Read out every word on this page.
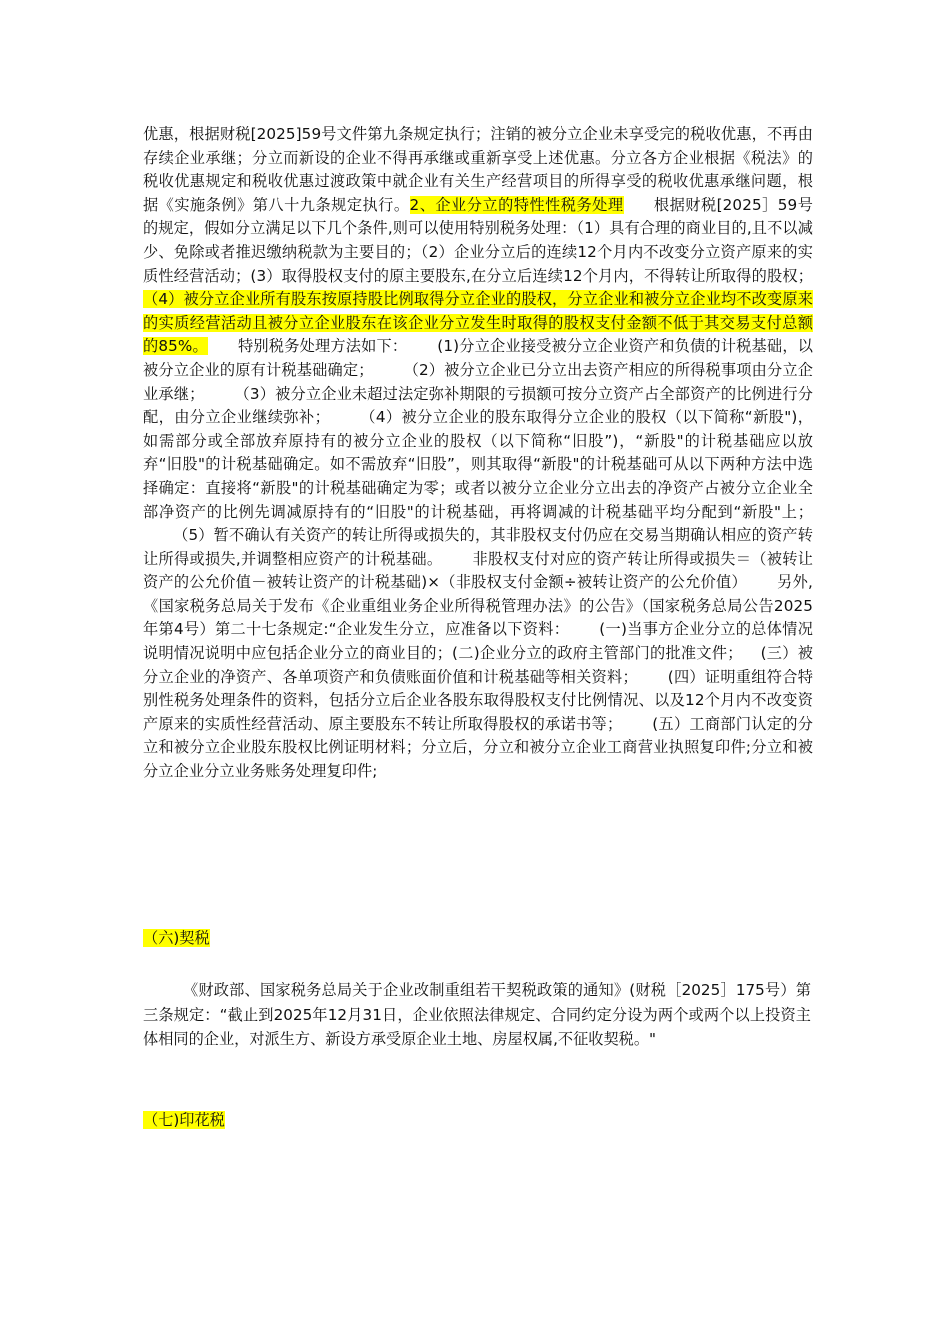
优惠，根据财税[2025]59号文件第九条规定执行；注销的被分立企业未享受完的税收优惠，不再由存续企业承继；分立而新设的企业不得再承继或重新享受上述优惠。分立各方企业根据《税法》的税收优惠规定和税收优惠过渡政策中就企业有关生产经营项目的所得享受的税收优惠承继问题，根据《实施条例》第八十九条规定执行。2、企业分立的特性性税务处理 根据财税[2025］59号的规定，假如分立满足以下几个条件,则可以使用特别税务处理：（1）具有合理的商业目的,且不以减少、免除或者推迟缴纳税款为主要目的；（2）企业分立后的连续12个月内不改变分立资产原来的实质性经营活动；(3）取得股权支付的原主要股东,在分立后连续12个月内，不得转让所取得的股权；（4）被分立企业所有股东按原持股比例取得分立企业的股权，分立企业和被分立企业均不改变原来的实质经营活动且被分立企业股东在该企业分立发生时取得的股权支付金额不低于其交易支付总额的85%。 特别税务处理方法如下： (1)分立企业接受被分立企业资产和负债的计税基础，以被分立企业的原有计税基础确定； （2）被分立企业已分立出去资产相应的所得税事项由分立企业承继； （3）被分立企业未超过法定弥补期限的亏损额可按分立资产占全部资产的比例进行分配，由分立企业继续弥补； （4）被分立企业的股东取得分立企业的股权（以下简称“新股")，如需部分或全部放弃原持有的被分立企业的股权（以下简称“旧股”)，“新股"的计税基础应以放弃“旧股"的计税基础确定。如不需放弃“旧股”，则其取得“新股"的计税基础可从以下两种方法中选择确定：直接将“新股"的计税基础确定为零；或者以被分立企业分立出去的净资产占被分立企业全部净资产的比例先调减原持有的“旧股"的计税基础，再将调减的计税基础平均分配到“新股"上；（5）暂不确认有关资产的转让所得或损失的，其非股权支付仍应在交易当期确认相应的资产转让所得或损失,并调整相应资产的计税基础。 非股权支付对应的资产转让所得或损失＝（被转让资产的公允价值－被转让资产的计税基础)×（非股权支付金额÷被转让资产的公允价值） 另外,《国家税务总局关于发布《企业重组业务企业所得税管理办法》的公告》（国家税务总局公告2025年第4号）第二十七条规定:“企业发生分立，应准备以下资料： (一)当事方企业分立的总体情况说明情况说明中应包括企业分立的商业目的；(二)企业分立的政府主管部门的批准文件； (三）被分立企业的净资产、各单项资产和负债账面价值和计税基础等相关资料； (四）证明重组符合特别性税务处理条件的资料，包括分立后企业各股东取得股权支付比例情况、以及12个月内不改变资产原来的实质性经营活动、原主要股东不转让所取得股权的承诺书等； (五）工商部门认定的分立和被分立企业股东股权比例证明材料；分立后，分立和被分立企业工商营业执照复印件;分立和被分立企业分立业务账务处理复印件;
（六)契税
《财政部、国家税务总局关于企业改制重组若干契税政策的通知》(财税［2025］175号）第三条规定：“截止到2025年12月31日，企业依照法律规定、合同约定分设为两个或两个以上投资主体相同的企业，对派生方、新设方承受原企业土地、房屋权属,不征收契税。"
（七)印花税
